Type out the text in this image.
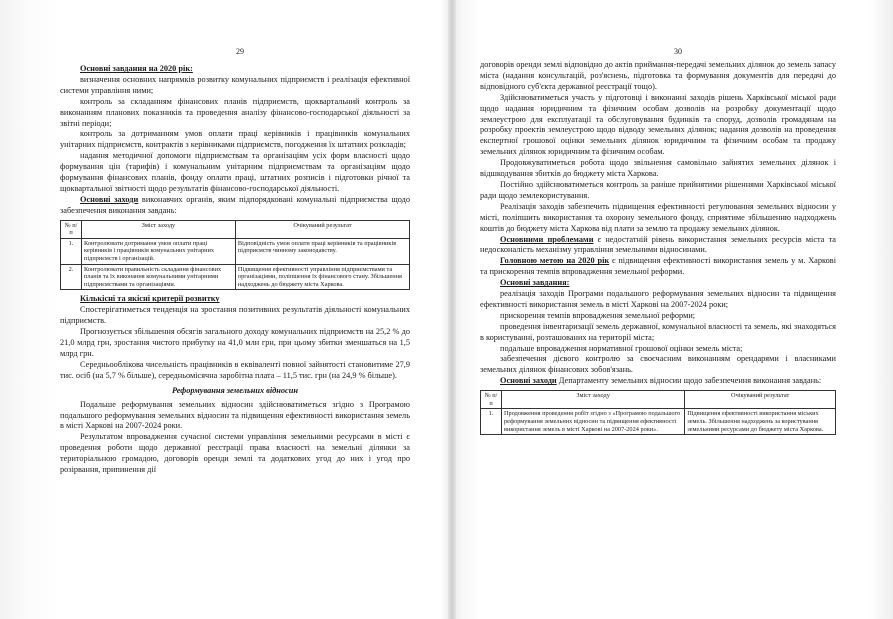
29	30

Основні завдання на 2020 рік:

визначення основних напрямків розвитку комунальних підприємств і реалізація ефективної системи управління ними;

контроль за складанням фінансових планів підприємств, щоквартальний контроль за виконанням планових показників та проведення аналізу фінансово-господарської діяльності за звітні періоди;

контроль за дотриманням умов оплати праці керівників і працівників комунальних унітарних підприємств, контрактів з керівниками підприємств, погодження їх штатних розкладів;

надання методичної допомоги підприємствам та організаціям усіх форм власності щодо формування цін (тарифів) і комунальним унітарним підприємствам та організаціям щодо формування фінансових планів, фонду оплати праці, штатних розписів і підготовки річної та щоквартальної звітності щодо результатів фінансово-господарської діяльності.

Основні заходи виконавчих органів, яким підпорядковані комунальні підприємства щодо забезпечення виконання завдань:

№ п/п	Зміст заходу	Очікуваний результат
1.	Контролювати дотримання умов оплати праці керівників і працівників комунальних унітарних підприємств і організацій.	Відповідність умов оплати праці керівників та працівників підприємств чинному законодавству.
2.	Контролювати правильність складання фінансових планів та їх виконання комунальними унітарними підприємствами та організаціями.	Підвищення ефективності управління підприємствами та організаціями, поліпшення їх фінансового стану. Збільшення надходжень до бюджету міста Харкова.

Кількісні та якісні критерії розвитку

Спостерігатиметься тенденція на зростання позитивних результатів діяльності комунальних підприємств.

Прогнозується збільшення обсягів загального доходу комунальних підприємств на 25,2 % до 21,0 млрд грн, зростання чистого прибутку на 41,0 млн грн, при цьому збитки зменшаться на 1,5 млрд грн.

Середньооблікова чисельність працівників в еквіваленті повної зайнятості становитиме 27,9 тис. осіб (на 5,7 % більше), середньомісячна заробітна плата – 11,5 тис. грн (на 24,9 % більше).

Реформування земельних відносин

Подальше реформування земельних відносин здійснюватиметься згідно з Програмою подальшого реформування земельних відносин та підвищення ефективності використання земель в місті Харкові на 2007-2024 роки.

Результатом впровадження сучасної системи управління земельними ресурсами в місті є проведення роботи щодо державної реєстрації права власності на земельні ділянки за територіальною громадою, договорів оренди землі та додаткових угод до них і угод про розірвання, припинення дії

договорів оренди землі відповідно до актів приймання-передачі земельних ділянок до земель запасу міста (надання консультацій, роз'яснень, підготовка та формування документів для передачі до відповідного суб'єкта державної реєстрації тощо).

Здійснюватиметься участь у підготовці і виконанні заходів рішень Харківської міської ради щодо надання юридичним та фізичним особам дозволів на розробку документації щодо землеустрою для експлуатації та обслуговування будинків та споруд, дозволів громадянам на розробку проектів землеустрою щодо відводу земельних ділянок; надання дозволів на проведення експертної грошової оцінки земельних ділянок юридичним та фізичним особам та продажу земельних ділянок юридичним та фізичним особам.

Продовжуватиметься робота щодо звільнення самовільно зайнятих земельних ділянок і відшкодування збитків до бюджету міста Харкова.

Постійно здійснюватиметься контроль за раніше прийнятими рішеннями Харківської міської ради щодо землекористування.

Реалізація заходів забезпечить підвищення ефективності регулювання земельних відносин у місті, поліпшить використання та охорону земельного фонду, сприятиме збільшенню надходжень коштів до бюджету міста Харкова від плати за землю та продажу земельних ділянок.

Основними проблемами є недостатній рівень використання земельних ресурсів міста та недосконалість механізму управління земельними відносинами.

Головною метою на 2020 рік є підвищення ефективності використання земель у м. Харкові та прискорення темпів впровадження земельної реформи.

Основні завдання:

реалізація заходів Програми подальшого реформування земельних відносин та підвищення ефективності використання земель в місті Харкові на 2007-2024 роки;

прискорення темпів впровадження земельної реформи;

проведення інвентаризації земель державної, комунальної власності та земель, які знаходяться в користуванні, розташованих на території міста;

подальше впровадження нормативної грошової оцінки земель міста;

забезпечення дієвого контролю за своєчасним виконанням орендарями і власниками земельних ділянок фінансових зобов'язань.

Основні заходи Департаменту земельних відносин щодо забезпечення виконання завдань:

№ п/п	Зміст заходу	Очікуваний результат
1.	Продовження проведення робіт згідно з «Програмою подальшого реформування земельних відносин та підвищення ефективності використання земель в місті Харкові на 2007-2024 роки».	Підвищення ефективності використання міських земель. Збільшення надходжень за користування земельними ресурсами до бюджету міста Харкова.
